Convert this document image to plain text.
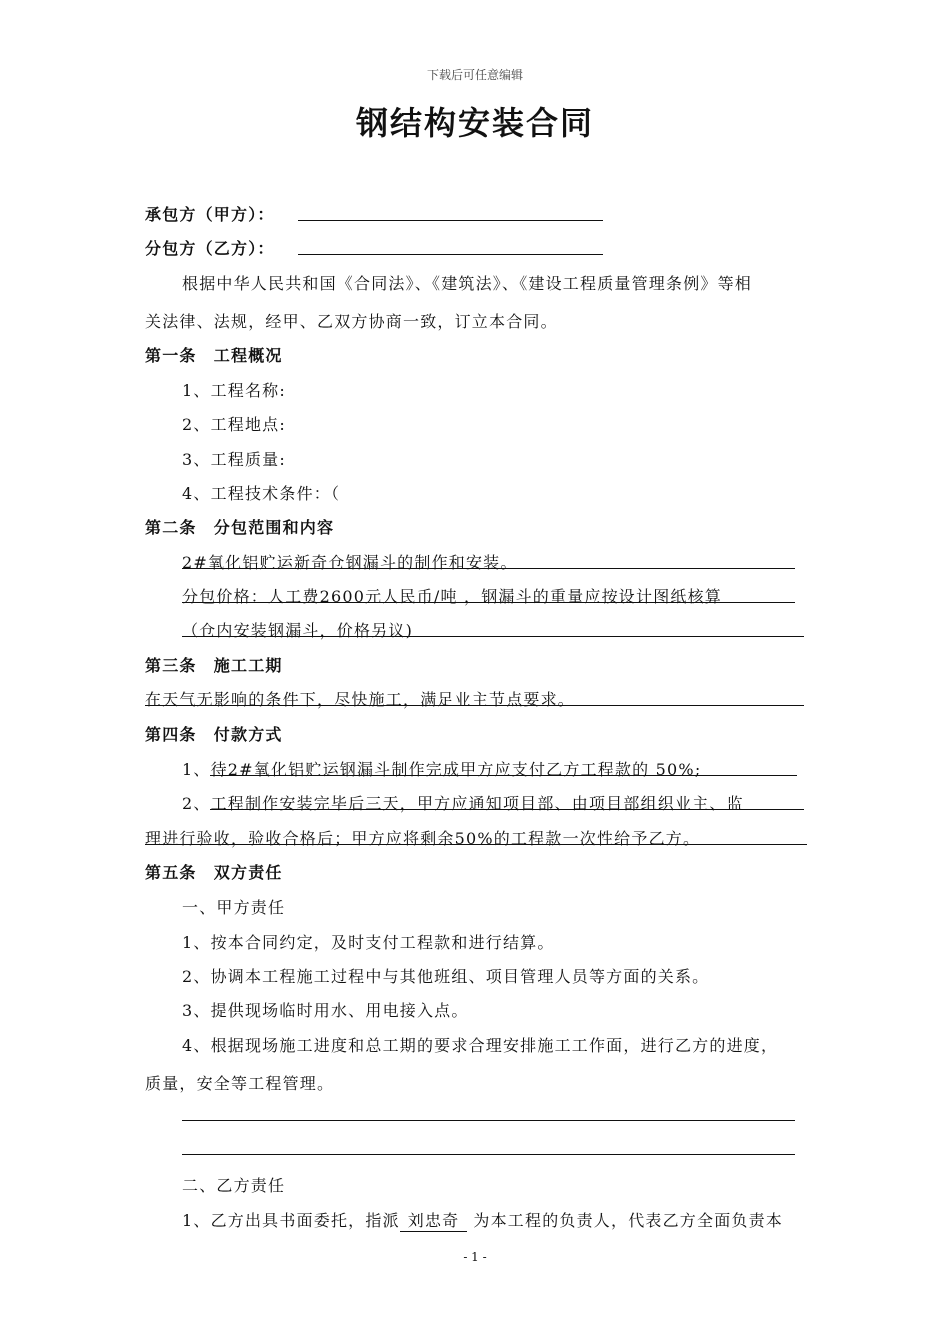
下载后可任意编辑
钢结构安装合同
承包方（甲方）：
分包方（乙方）：
根据中华人民共和国《合同法》、《建筑法》、《建设工程质量管理条例》等相
关法律、法规，经甲、乙双方协商一致，订立本合同。
第一条　工程概况
1、工程名称:
2、工程地点:
3、工程质量:
4、工程技术条件：（
第二条　分包范围和内容
2#氧化铝贮运新奇仓钢漏斗的制作和安装。
分包价格：人工费2600元人民币/吨 ，钢漏斗的重量应按设计图纸核算
（仓内安装钢漏斗，价格另议)
第三条　施工工期
在天气无影响的条件下，尽快施工，满足业主节点要求。
第四条　付款方式
1、待2#氧化铝贮运钢漏斗制作完成甲方应支付乙方工程款的 50%;
2、工程制作安装完毕后三天，甲方应通知项目部、由项目部组织业主、监
理进行验收，验收合格后；甲方应将剩余50%的工程款一次性给予乙方。
第五条　双方责任
一、甲方责任
1、按本合同约定，及时支付工程款和进行结算。
2、协调本工程施工过程中与其他班组、项目管理人员等方面的关系。
3、提供现场临时用水、用电接入点。
4、根据现场施工进度和总工期的要求合理安排施工工作面，进行乙方的进度，
质量，安全等工程管理。
二、乙方责任
1、乙方出具书面委托，指派 刘忠奇 为本工程的负责人，代表乙方全面负责本
- 1 -
